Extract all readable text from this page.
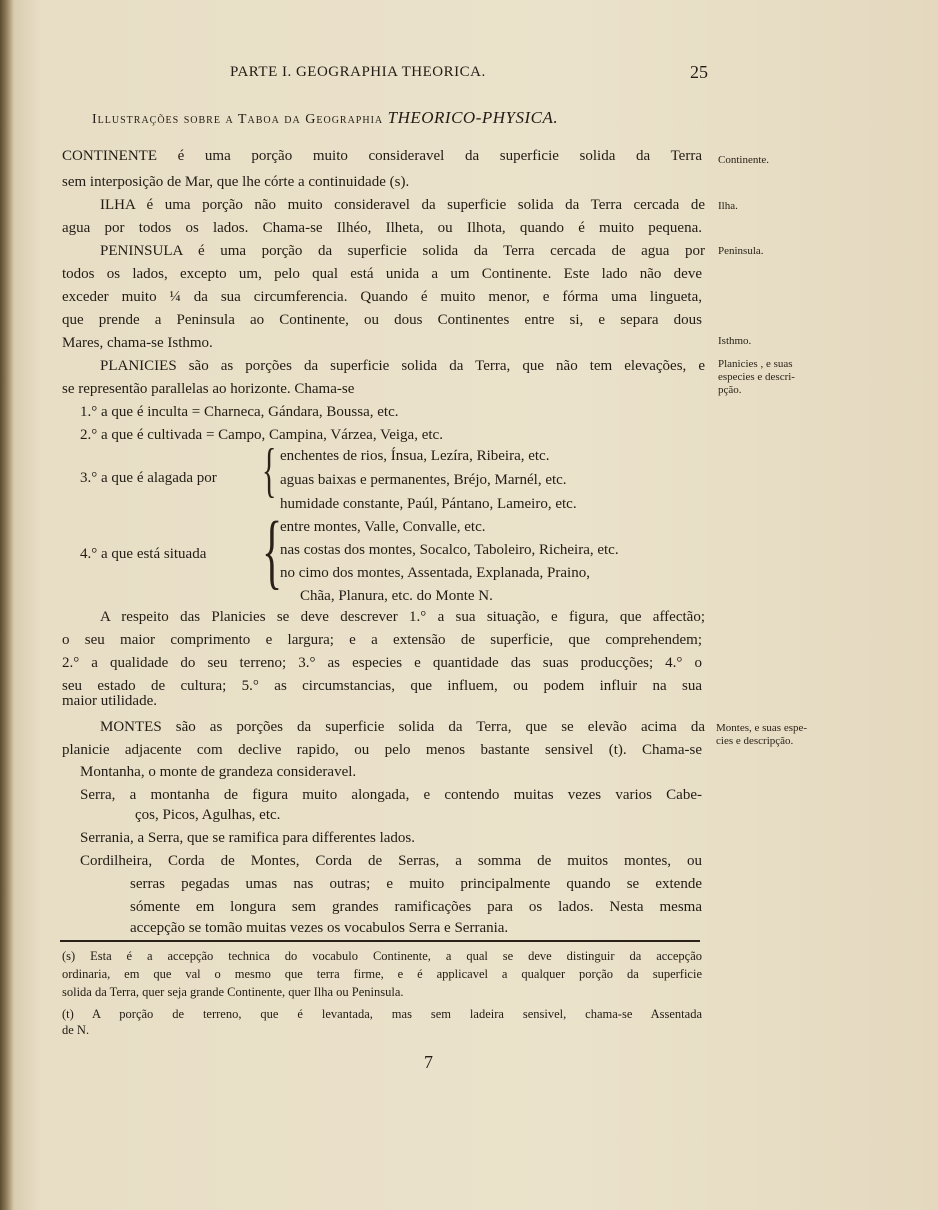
PARTE I. GEOGRAPHIA THEORICA.	25
Illustrações sobre a Taboa da Geographia THEORICO-PHYSICA.
CONTINENTE é uma porção muito consideravel da superficie solida da Terra
sem interposição de Mar, que lhe córte a continuidade (s).
ILHA é uma porção não muito consideravel da superficie solida da Terra cercada de
agua por todos os lados. Chama-se Ilhéo, Ilheta, ou Ilhota, quando é muito pequena.
PENINSULA é uma porção da superficie solida da Terra cercada de agua por
todos os lados, excepto um, pelo qual está unida a um Continente. Este lado não deve
exceder muito ¼ da sua circumferencia. Quando é muito menor, e fórma uma lingueta,
que prende a Peninsula ao Continente, ou dous Continentes entre si, e separa dous
Mares, chama-se Isthmo.
PLANICIES são as porções da superficie solida da Terra, que não tem elevações, e
se representão parallelas ao horizonte. Chama-se
1.° a que é inculta = Charneca, Gándara, Boussa, etc.
2.° a que é cultivada = Campo, Campina, Várzea, Veiga, etc.
enchentes de rios, Ínsua, Lezíra, Ribeira, etc.
3.° a que é alagada por { aguas baixas e permanentes, Bréjo, Marnél, etc.
humidade constante, Paúl, Pántano, Lameiro, etc.
entre montes, Valle, Convalle, etc.
4.° a que está situada {
nas costas dos montes, Socalco, Taboleiro, Richeira, etc.
no cimo dos montes, Assentada, Explanada, Praino,
Chãa, Planura, etc. do Monte N.
A respeito das Planicies se deve descrever 1.° a sua situação, e figura, que affectão;
o seu maior comprimento e largura; e a extensão de superficie, que comprehendem;
2.° a qualidade do seu terreno; 3.° as especies e quantidade das suas producções; 4.° o
seu estado de cultura; 5.° as circumstancias, que influem, ou podem influir na sua
maior utilidade.
MONTES são as porções da superficie solida da Terra, que se elevão acima da
planicie adjacente com declive rapido, ou pelo menos bastante sensivel (t). Chama-se
Montanha, o monte de grandeza consideravel.
Serra, a montanha de figura muito alongada, e contendo muitas vezes varios Cabe-
ços, Picos, Agulhas, etc.
Serrania, a Serra, que se ramifica para differentes lados.
Cordilheira, Corda de Montes, Corda de Serras, a somma de muitos montes, ou
serras pegadas umas nas outras; e muito principalmente quando se extende
sómente em longura sem grandes ramificações para os lados. Nesta mesma
accepção se tomão muitas vezes os vocabulos Serra e Serrania.
Continente.
Ilha.
Peninsula.
Isthmo.
Planicies , e suas
especies e descri-
pção.
Montes, e suas espe-
cies e descripção.
(s) Esta é a accepção technica do vocabulo Continente, a qual se deve distinguir da accepção
ordinaria, em que val o mesmo que terra firme, e é applicavel a qualquer porção da superficie
solida da Terra, quer seja grande Continente, quer Ilha ou Peninsula.
(t) A porção de terreno, que é levantada, mas sem ladeira sensivel, chama-se Assentada
de N.
7
